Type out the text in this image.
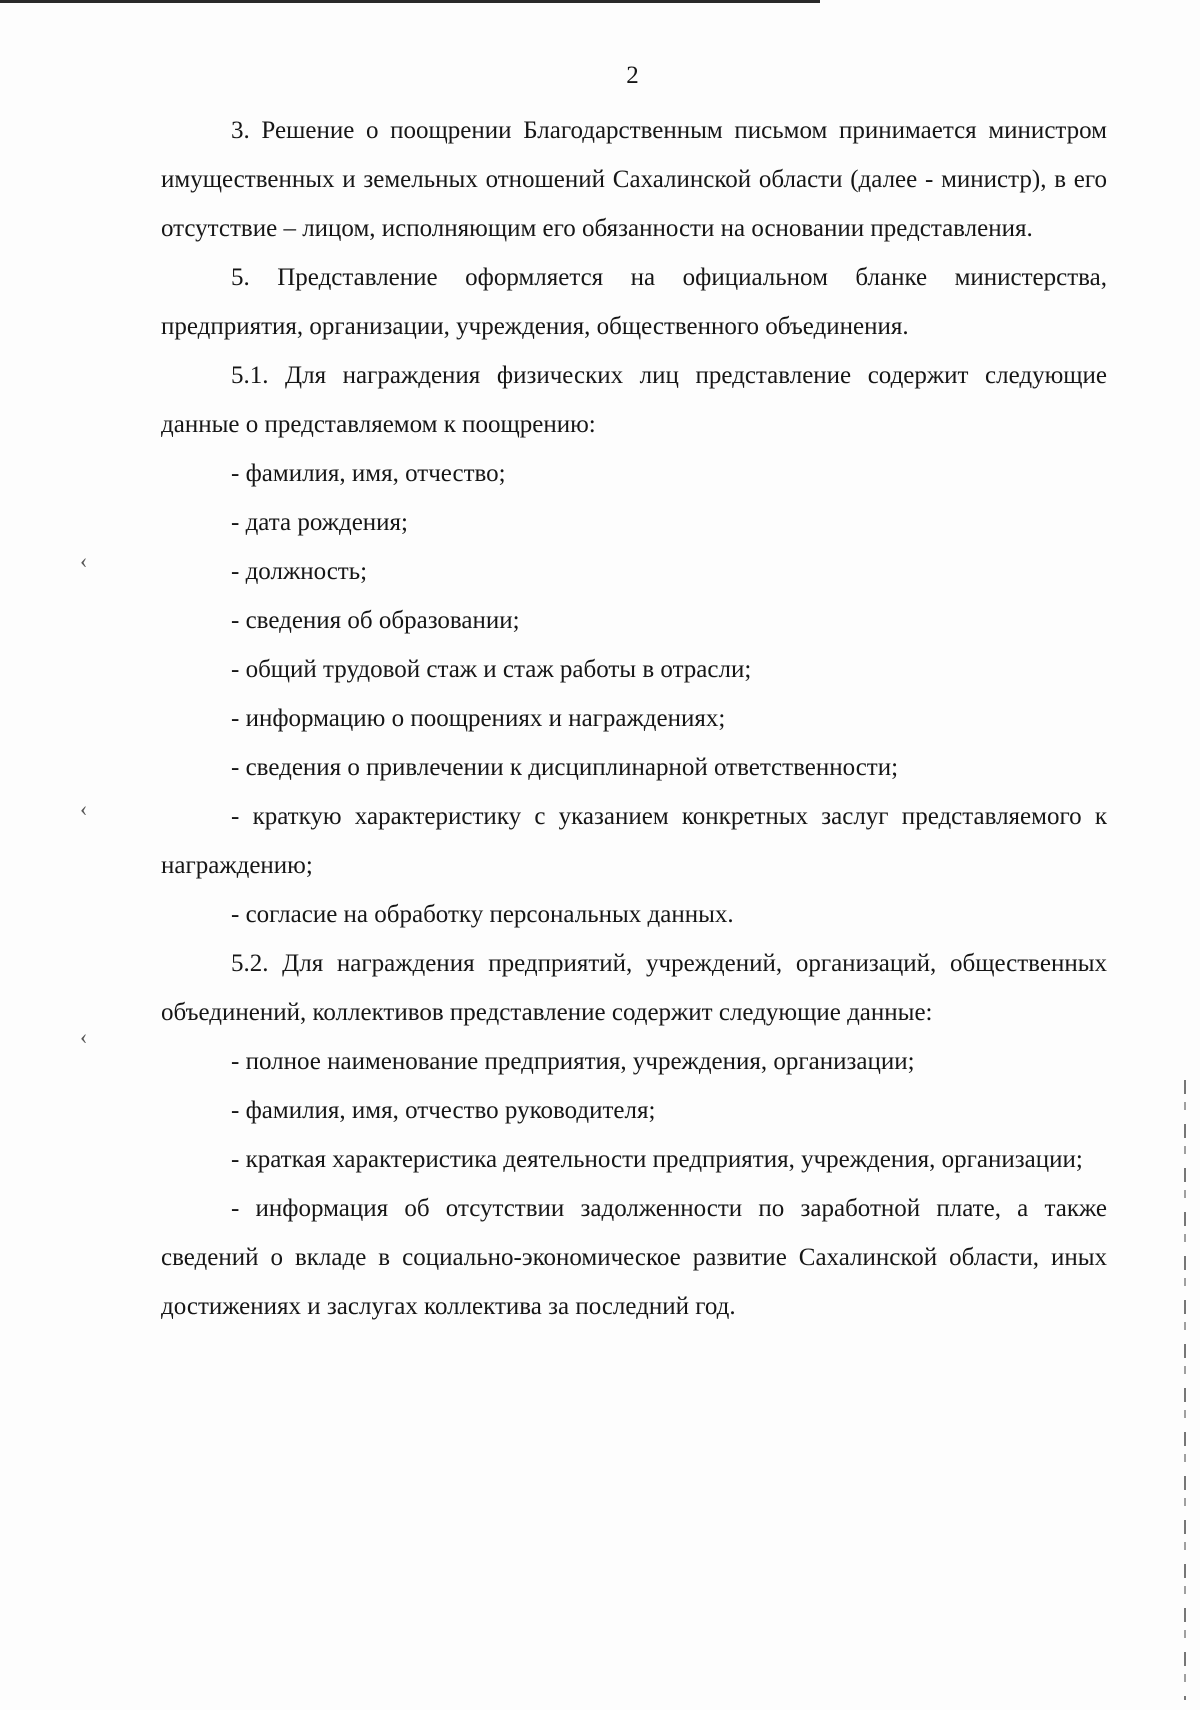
‹
‹
‹
2

3. Решение о поощрении Благодарственным письмом принимается министром имущественных и земельных отношений Сахалинской области (далее - министр), в его отсутствие – лицом, исполняющим его обязанности на основании представления.

5. Представление оформляется на официальном бланке министерства, предприятия, организации, учреждения, общественного объединения.

5.1. Для награждения физических лиц представление содержит следующие данные о представляемом к поощрению:

- фамилия, имя, отчество;

- дата рождения;

- должность;

- сведения об образовании;

- общий трудовой стаж и стаж работы в отрасли;

- информацию о поощрениях и награждениях;

- сведения о привлечении к дисциплинарной ответственности;

- краткую характеристику с указанием конкретных заслуг представляемого к награждению;

- согласие на обработку персональных данных.

5.2. Для награждения предприятий, учреждений, организаций, общественных объединений, коллективов представление содержит следующие данные:

- полное наименование предприятия, учреждения, организации;

- фамилия, имя, отчество руководителя;

- краткая характеристика деятельности предприятия, учреждения, организации;

- информация об отсутствии задолженности по заработной плате, а также сведений о вкладе в социально-экономическое развитие Сахалинской области, иных достижениях и заслугах коллектива за последний год.
